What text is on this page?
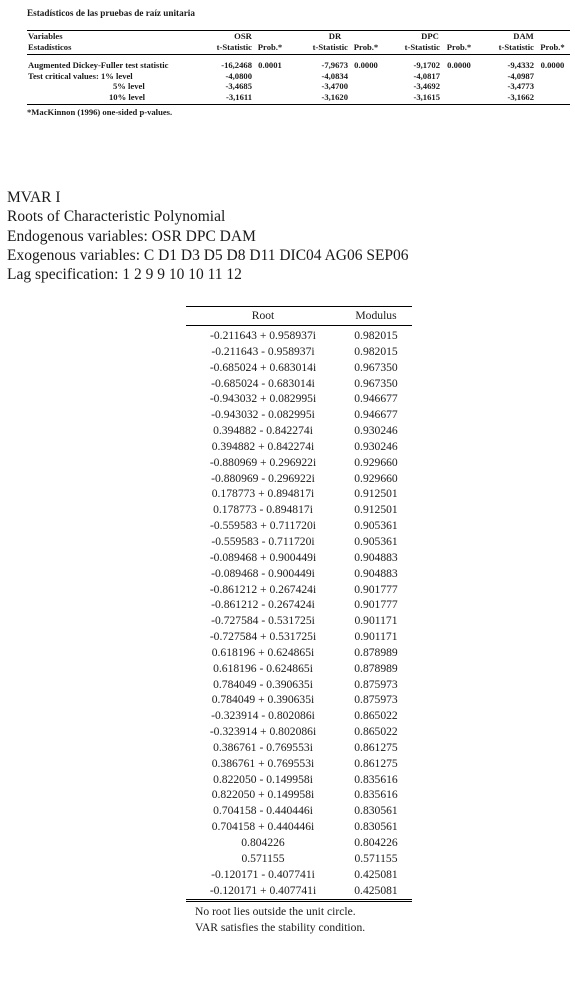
Estadísticos de las pruebas de raíz unitaria
Variables	OSR		DR		DPC		DAM	
Estadísticos	t-Statistic	Prob.*	t-Statistic	Prob.*	t-Statistic	Prob.*	t-Statistic	Prob.*

Augmented Dickey-Fuller test statistic	-16,2468	0.0001	-7,9673	0.0000	-9,1702	0.0000	-9,4332	0.0000
Test critical values: 1% level	-4,0800		-4,0834		-4,0817		-4,0987	
5% level	-3,4685		-3,4700		-3,4692		-3,4773	
10% level	-3,1611		-3,1620		-3,1615		-3,1662	
*MacKinnon (1996) one-sided p-values.
MVAR I
Roots of Characteristic Polynomial
Endogenous variables: OSR DPC DAM
Exogenous variables: C D1 D3 D5 D8 D11 DIC04 AG06 SEP06
Lag specification: 1 2 9 9 10 10 11 12
Root	Modulus
-0.211643 + 0.958937i	0.982015
-0.211643 - 0.958937i	0.982015
-0.685024 + 0.683014i	0.967350
-0.685024 - 0.683014i	0.967350
-0.943032 + 0.082995i	0.946677
-0.943032 - 0.082995i	0.946677
0.394882 - 0.842274i	0.930246
0.394882 + 0.842274i	0.930246
-0.880969 + 0.296922i	0.929660
-0.880969 - 0.296922i	0.929660
0.178773 + 0.894817i	0.912501
0.178773 - 0.894817i	0.912501
-0.559583 + 0.711720i	0.905361
-0.559583 - 0.711720i	0.905361
-0.089468 + 0.900449i	0.904883
-0.089468 - 0.900449i	0.904883
-0.861212 + 0.267424i	0.901777
-0.861212 - 0.267424i	0.901777
-0.727584 - 0.531725i	0.901171
-0.727584 + 0.531725i	0.901171
0.618196 + 0.624865i	0.878989
0.618196 - 0.624865i	0.878989
0.784049 - 0.390635i	0.875973
0.784049 + 0.390635i	0.875973
-0.323914 - 0.802086i	0.865022
-0.323914 + 0.802086i	0.865022
0.386761 - 0.769553i	0.861275
0.386761 + 0.769553i	0.861275
0.822050 - 0.149958i	0.835616
0.822050 + 0.149958i	0.835616
0.704158 - 0.440446i	0.830561
0.704158 + 0.440446i	0.830561
0.804226	0.804226
0.571155	0.571155
-0.120171 - 0.407741i	0.425081
-0.120171 + 0.407741i	0.425081
No root lies outside the unit circle.
VAR satisfies the stability condition.
